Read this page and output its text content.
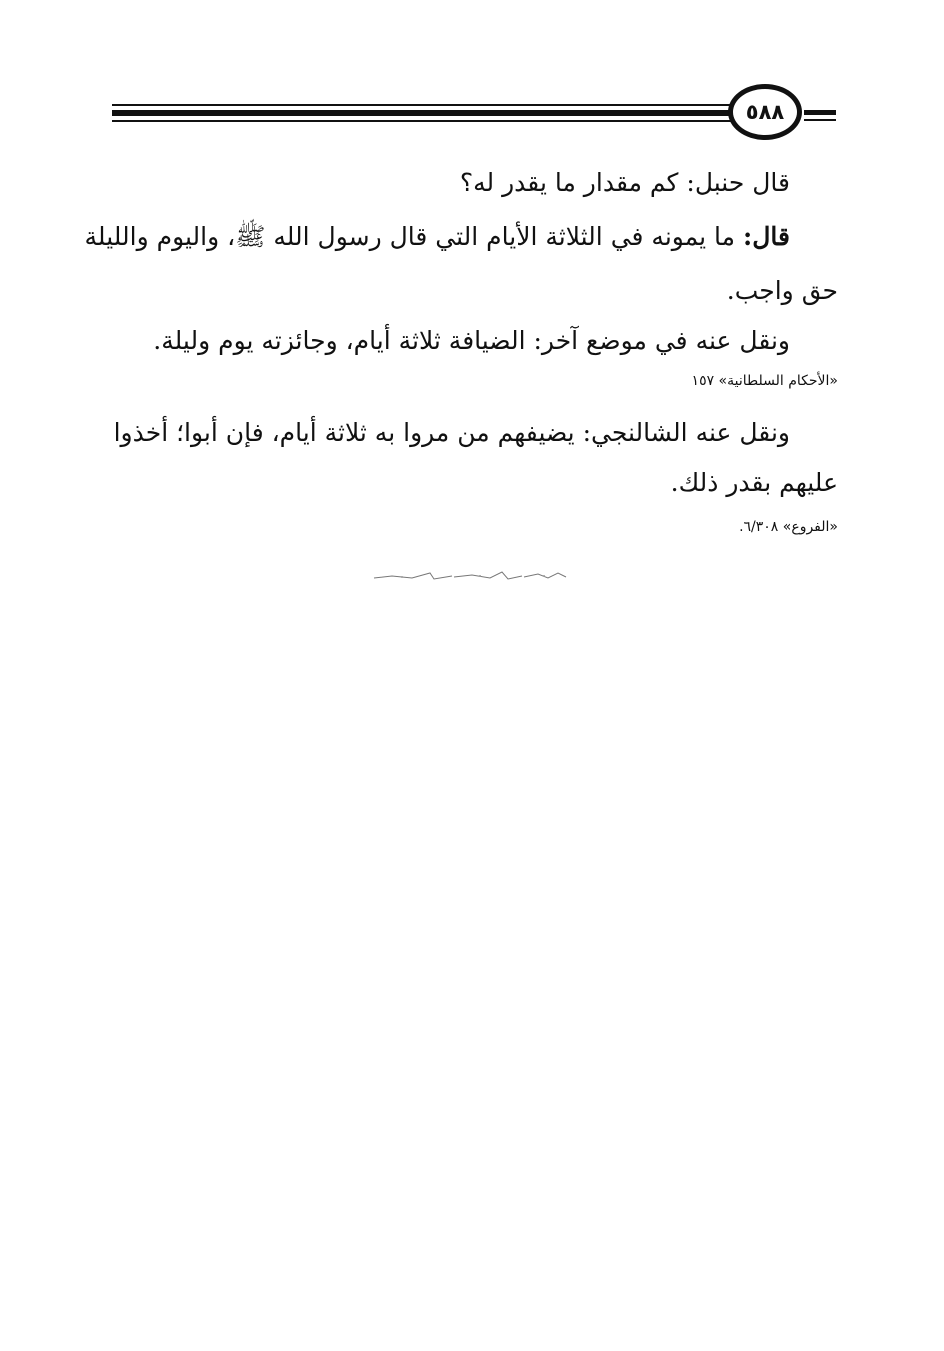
٥٨٨
قال حنبل: كم مقدار ما يقدر له؟
قال: ما يمونه في الثلاثة الأيام التي قال رسول الله ﷺ، واليوم والليلة
حق واجب.
ونقل عنه في موضع آخر: الضيافة ثلاثة أيام، وجائزته يوم وليلة.
«الأحكام السلطانية» ١٥٧
ونقل عنه الشالنجي: يضيفهم من مروا به ثلاثة أيام، فإن أبوا؛ أخذوا
عليهم بقدر ذلك.
«الفروع» ٦/٣٠٨.
